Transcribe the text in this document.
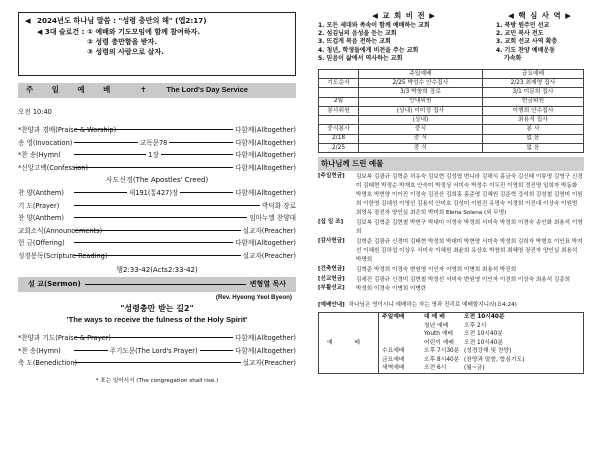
◀ 2024년도 하나님 말씀 : "성령 충만의 해" (엡2:17)
◀ 3대 슬로건 : ① 예배와 기도모임에 함께 참여하자.
② 성령 충만함을 받자.
③ 성령의 사람으로 살자.
주 일 예 배	✝	The Lord's Day Service
오전 10:40
*찬양과 경배(Praise & Worship)	다함께(Alltogether)
송 영(Invocation)	교독문78	다함께(Alltogether)
*찬 송(Hymn)	1장	다함께(Alltogether)
*신앙고백(Confession)	다함께(Alltogether)
사도신경(The Apostles' Creed)
찬 양(Anthem)	새191(통427)장	다함께(Alltogether)
기 도(Prayer)	박덕화 장로
찬 양(Anthem)	임마누엘 찬양대
교회소식(Announcements)	설교자(Preacher)
헌 금(Offering)	다함께(Alltogether)
성경봉독(Scripture Reading)	설교자(Preacher)
행2:33-42(Acts2:33-42)
설 교(Sermon)	변형열 목사
(Rev. Hyeong Yeol Byeon)
"성령충만 받는 길2"
'The ways to receive the fulness of the Holy Spirit'
*찬양과 기도(Praise & Prayer)	다함께(Alltogether)
*찬 송(Hymn)	주기도문(The Lord's Prayer)	다함께(Alltogether)
축 도(Benediction)	설교자(Preacher)
* 표는 일어서서 (The congregation shall rise.)
◀ 교 회 비 전 ▶
1. 모든 세대와 족속이 함께 예배하는 교회
2. 섬김님의 음성을 듣는 교회
3. 뜨겁게 복음 전하는 교회
4. 청년, 학생들에게 비전을 주는 교회
5. 믿음이 삶에서 역사하는 교회
◀ 핵 심 사 역 ▶
1. 북방 원주민 선교
2. 교민 복사 전도
3. 교회 선교 사역 확충
4. 기도 찬양 예배운동
가속화
	주일예배	금요예배
기도순서	2/25 박성수 안수집사	2/23 최재영 집사
	3/3 박창희 장로	3/1 이문희 집사
2월	안내위원	헌금위원
봉사위원	(상내) 이미정 집사	이행희 안수집사
	(상내)	최용석 집사
중식봉사	중식	봉 사
2/18	중 식	없 음
2/25	중 식	없 음
하나님께 드린 예물
[주일헌금]	김보복 김광규 김혁준 허유숙 김보현 김성엽 변니라 김해식 홍금숙 김신태 이류영 김영구 신경미 김태현 박정순 박재호 안숙미 박정상 서미숙 박정수 이두진 이영희 정진명 일희자 박동화 박명호 박현양 이이진 이정숙 김진산 김희홍 홍준영 김혜원 김준혁 강석희 김성철 김영미 이원희 이한영 김대성 이영선 김용석 안미호 김성미 이원진 유명숙 이경희 이진대 이상숙 이원범 최영옥 장진자 양인실 최은희 박미희 Elena Solena (외 무명)
[십 일 조]	김보복 김혁준 김현철 박현구 박대미 이정숙 박정희 서미숙 박정희 이경숙 송인화 최용석 이영희
[감사헌금]	김혁준 김광규 신경미 김태현 박정희 박대미 박현양 서미숙 박정희 김희자 박형호 이인표 박지선 이혜원 김하섭 이상우 서미숙 이혜원 최윤희 유상호 박창희 최혜영 장진자 양인실 최용석 박명희
[건축헌금]	김혁준 박정희 이경숙 변원영 이인자 이영희 이병희 최용석 박진희
[선교헌금]	김세진 김광규 신경미 김현철 박정선 서미숙 변원영 이인자 이진희 이상숙 최용석 김종희
[부활선교]	박정희 이경숙 이병희 이병란
[예배안내] 하나님은 영이시니 예배하는 자는 영과 진리로 예배할지니라(요4:24)
예 배	
주일예배	대 예 배	오전 10시40분
청년 예배	오후 2시
Youth 예배	오전 10시40분
어린이 예배	오전 10시40분
수요예배	오후 7시30분 (성경강해 및 찬양)
금요예배	오후 8시40분 (찬양과 말씀, 합심기도)
새벽예배	오전 6시	(월~금)
